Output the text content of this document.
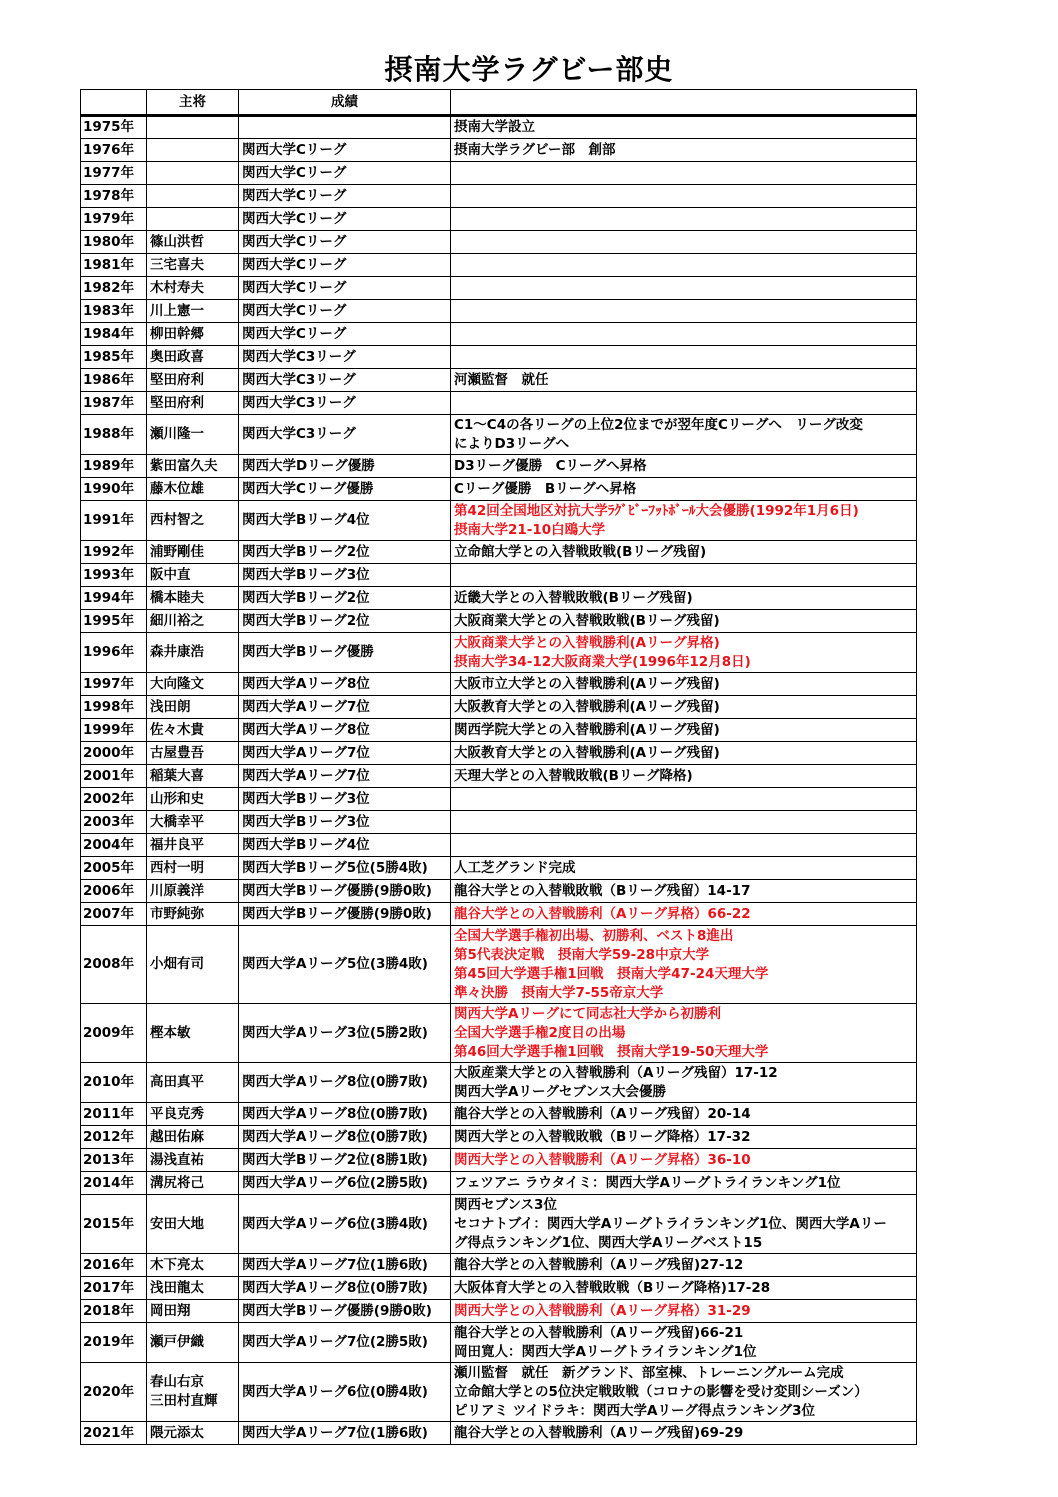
摂南大学ラグビー部史
	主将	成績	
1975年			摂南大学設立

1976年		関西大学Cリーグ	摂南大学ラグビー部　創部

1977年		関西大学Cリーグ	
1978年		関西大学Cリーグ	
1979年		関西大学Cリーグ	
1980年	篠山洪哲	関西大学Cリーグ	
1981年	三宅喜夫	関西大学Cリーグ	
1982年	木村寿夫	関西大学Cリーグ	
1983年	川上憲一	関西大学Cリーグ	
1984年	柳田幹郷	関西大学Cリーグ	
1985年	奥田政喜	関西大学C3リーグ	
1986年	堅田府利	関西大学C3リーグ	河瀬監督　就任

1987年	堅田府利	関西大学C3リーグ	
1988年	瀬川隆一	関西大学C3リーグ	C1～C4の各リーグの上位2位までが翌年度Cリーグへ　リーグ改変
によりD3リーグへ

1989年	紫田富久夫	関西大学Dリーグ優勝	D3リーグ優勝　Cリーグへ昇格

1990年	藤木位雄	関西大学Cリーグ優勝	Cリーグ優勝　Bリーグへ昇格

1991年	西村智之	関西大学Bリーグ4位	第42回全国地区対抗大学ﾗｸﾞﾋﾞｰﾌｯﾄﾎﾞｰﾙ大会優勝(1992年1月6日)
摂南大学21-10白鴎大学

1992年	浦野剛佳	関西大学Bリーグ2位	立命館大学との入替戦敗戦(Bリーグ残留)

1993年	阪中直	関西大学Bリーグ3位	
1994年	橋本睦夫	関西大学Bリーグ2位	近畿大学との入替戦敗戦(Bリーグ残留)

1995年	細川裕之	関西大学Bリーグ2位	大阪商業大学との入替戦敗戦(Bリーグ残留)

1996年	森井康浩	関西大学Bリーグ優勝	大阪商業大学との入替戦勝利(Aリーグ昇格)
摂南大学34-12大阪商業大学(1996年12月8日)

1997年	大向隆文	関西大学Aリーグ8位	大阪市立大学との入替戦勝利(Aリーグ残留)

1998年	浅田朗	関西大学Aリーグ7位	大阪教育大学との入替戦勝利(Aリーグ残留)

1999年	佐々木貴	関西大学Aリーグ8位	関西学院大学との入替戦勝利(Aリーグ残留)

2000年	古屋豊吾	関西大学Aリーグ7位	大阪教育大学との入替戦勝利(Aリーグ残留)

2001年	稲葉大喜	関西大学Aリーグ7位	天理大学との入替戦敗戦(Bリーグ降格)

2002年	山形和史	関西大学Bリーグ3位	
2003年	大橋幸平	関西大学Bリーグ3位	
2004年	福井良平	関西大学Bリーグ4位	
2005年	西村一明	関西大学Bリーグ5位(5勝4敗)	人工芝グランド完成

2006年	川原義洋	関西大学Bリーグ優勝(9勝0敗)	龍谷大学との入替戦敗戦（Bリーグ残留）14-17

2007年	市野純弥	関西大学Bリーグ優勝(9勝0敗)	龍谷大学との入替戦勝利（Aリーグ昇格）66-22

2008年	小畑有司	関西大学Aリーグ5位(3勝4敗)	全国大学選手権初出場、初勝利、ベスト8進出
第5代表決定戦　摂南大学59-28中京大学
第45回大学選手権1回戦　摂南大学47-24天理大学
準々決勝　摂南大学7-55帝京大学

2009年	樫本敏	関西大学Aリーグ3位(5勝2敗)	関西大学Aリーグにて同志社大学から初勝利
全国大学選手権2度目の出場
第46回大学選手権1回戦　摂南大学19-50天理大学

2010年	高田真平	関西大学Aリーグ8位(0勝7敗)	大阪産業大学との入替戦勝利（Aリーグ残留）17-12
関西大学Aリーグセブンス大会優勝

2011年	平良克秀	関西大学Aリーグ8位(0勝7敗)	龍谷大学との入替戦勝利（Aリーグ残留）20-14

2012年	越田佑麻	関西大学Aリーグ8位(0勝7敗)	関西大学との入替戦敗戦（Bリーグ降格）17-32

2013年	湯浅直祐	関西大学Bリーグ2位(8勝1敗)	関西大学との入替戦勝利（Aリーグ昇格）36-10

2014年	溝尻将己	関西大学Aリーグ6位(2勝5敗)	フェツアニ ラウタイミ：関西大学Aリーグトライランキング1位

2015年	安田大地	関西大学Aリーグ6位(3勝4敗)	関西セブンス3位
セコナトブイ：関西大学Aリーグトライランキング1位、関西大学Aリー
グ得点ランキング1位、関西大学Aリーグベスト15

2016年	木下亮太	関西大学Aリーグ7位(1勝6敗)	龍谷大学との入替戦勝利（Aリーグ残留)27-12

2017年	浅田龍太	関西大学Aリーグ8位(0勝7敗)	大阪体育大学との入替戦敗戦（Bリーグ降格)17-28

2018年	岡田翔	関西大学Bリーグ優勝(9勝0敗)	関西大学との入替戦勝利（Aリーグ昇格）31-29

2019年	瀬戸伊織	関西大学Aリーグ7位(2勝5敗)	龍谷大学との入替戦勝利（Aリーグ残留)66-21
岡田寛人：関西大学Aリーグトライランキング1位

2020年	春山右京
三田村直輝	関西大学Aリーグ6位(0勝4敗)	瀬川監督　就任　新グランド、部室棟、トレーニングルーム完成
立命館大学との5位決定戦敗戦（コロナの影響を受け変則シーズン）
ピリアミ ツイドラキ：関西大学Aリーグ得点ランキング3位

2021年	隈元添太	関西大学Aリーグ7位(1勝6敗)	龍谷大学との入替戦勝利（Aリーグ残留)69-29
